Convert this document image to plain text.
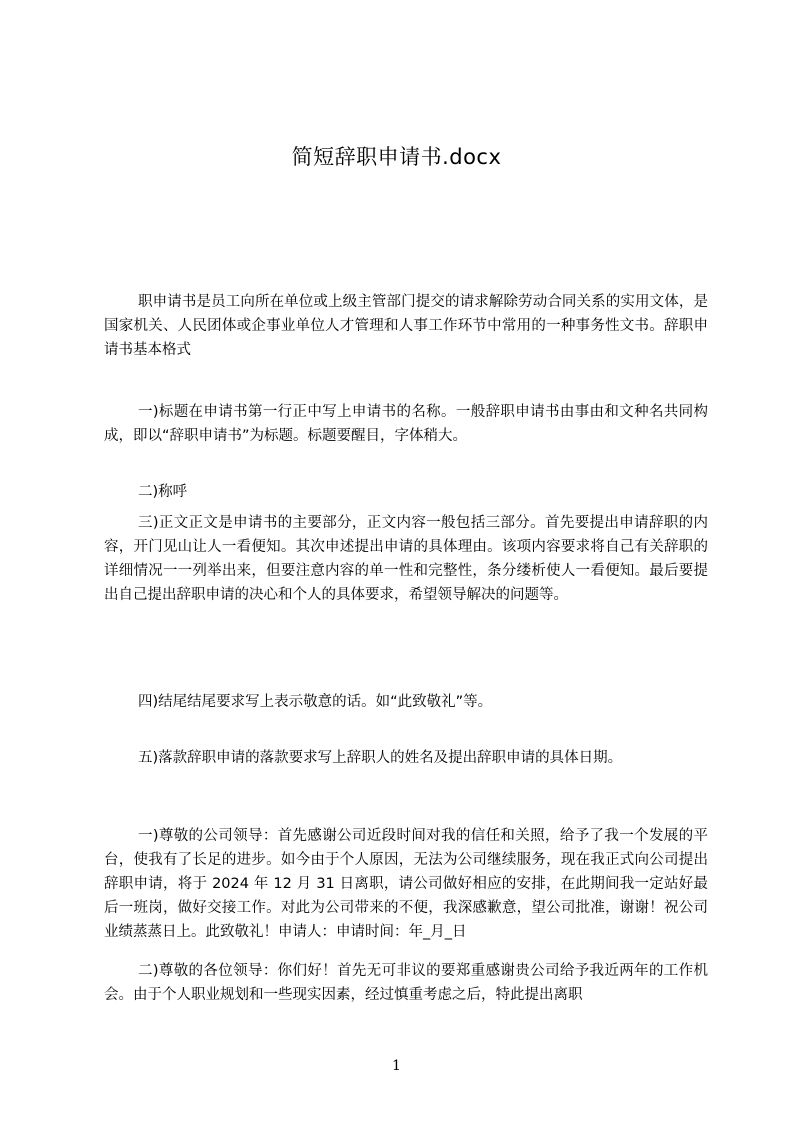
简短辞职申请书.docx

职申请书是员工向所在单位或上级主管部门提交的请求解除劳动合同关系的实用文体，是国家机关、人民团体或企事业单位人才管理和人事工作环节中常用的一种事务性文书。辞职申请书基本格式

一)标题在申请书第一行正中写上申请书的名称。一般辞职申请书由事由和文种名共同构成，即以“辞职申请书”为标题。标题要醒目，字体稍大。

二)称呼

三)正文正文是申请书的主要部分，正文内容一般包括三部分。首先要提出申请辞职的内容，开门见山让人一看便知。其次申述提出申请的具体理由。该项内容要求将自己有关辞职的详细情况一一列举出来，但要注意内容的单一性和完整性，条分缕析使人一看便知。最后要提出自己提出辞职申请的决心和个人的具体要求，希望领导解决的问题等。

四)结尾结尾要求写上表示敬意的话。如“此致敬礼”等。

五)落款辞职申请的落款要求写上辞职人的姓名及提出辞职申请的具体日期。

一)尊敬的公司领导：首先感谢公司近段时间对我的信任和关照，给予了我一个发展的平台，使我有了长足的进步。如今由于个人原因，无法为公司继续服务，现在我正式向公司提出辞职申请，将于 2024 年 12 月 31 日离职，请公司做好相应的安排，在此期间我一定站好最后一班岗，做好交接工作。对此为公司带来的不便，我深感歉意，望公司批准，谢谢！祝公司业绩蒸蒸日上。此致敬礼！申请人：申请时间：年_月_日

二)尊敬的各位领导：你们好！首先无可非议的要郑重感谢贵公司给予我近两年的工作机会。由于个人职业规划和一些现实因素，经过慎重考虑之后，特此提出离职

1
